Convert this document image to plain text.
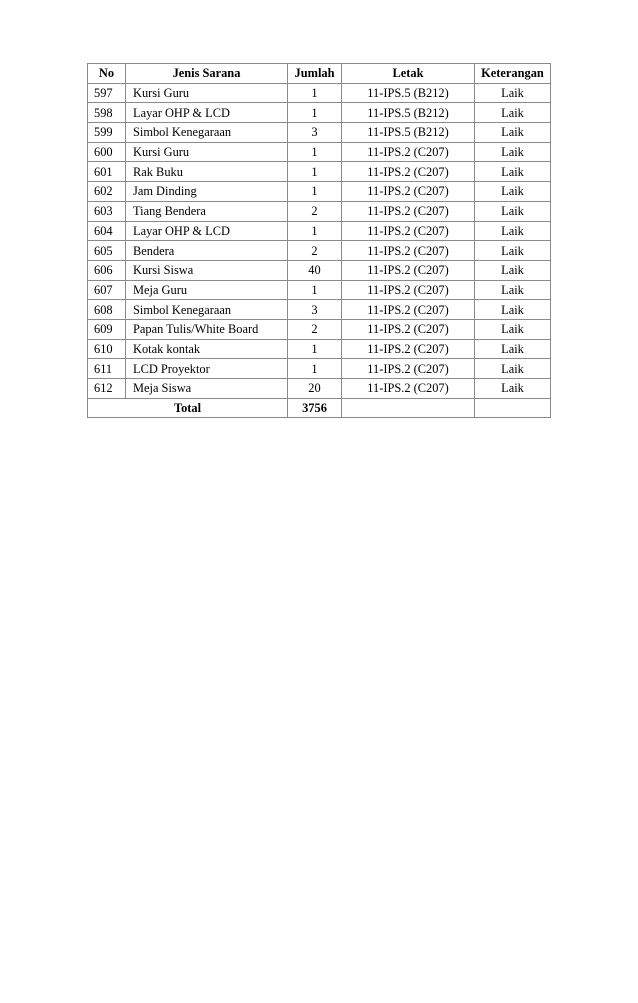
No	Jenis Sarana	Jumlah	Letak	Keterangan
597	Kursi Guru	1	11-IPS.5 (B212)	Laik
598	Layar OHP & LCD	1	11-IPS.5 (B212)	Laik
599	Simbol Kenegaraan	3	11-IPS.5 (B212)	Laik
600	Kursi Guru	1	11-IPS.2 (C207)	Laik
601	Rak Buku	1	11-IPS.2 (C207)	Laik
602	Jam Dinding	1	11-IPS.2 (C207)	Laik
603	Tiang Bendera	2	11-IPS.2 (C207)	Laik
604	Layar OHP & LCD	1	11-IPS.2 (C207)	Laik
605	Bendera	2	11-IPS.2 (C207)	Laik
606	Kursi Siswa	40	11-IPS.2 (C207)	Laik
607	Meja Guru	1	11-IPS.2 (C207)	Laik
608	Simbol Kenegaraan	3	11-IPS.2 (C207)	Laik
609	Papan Tulis/White Board	2	11-IPS.2 (C207)	Laik
610	Kotak kontak	1	11-IPS.2 (C207)	Laik
611	LCD Proyektor	1	11-IPS.2 (C207)	Laik
612	Meja Siswa	20	11-IPS.2 (C207)	Laik
Total		3756		
